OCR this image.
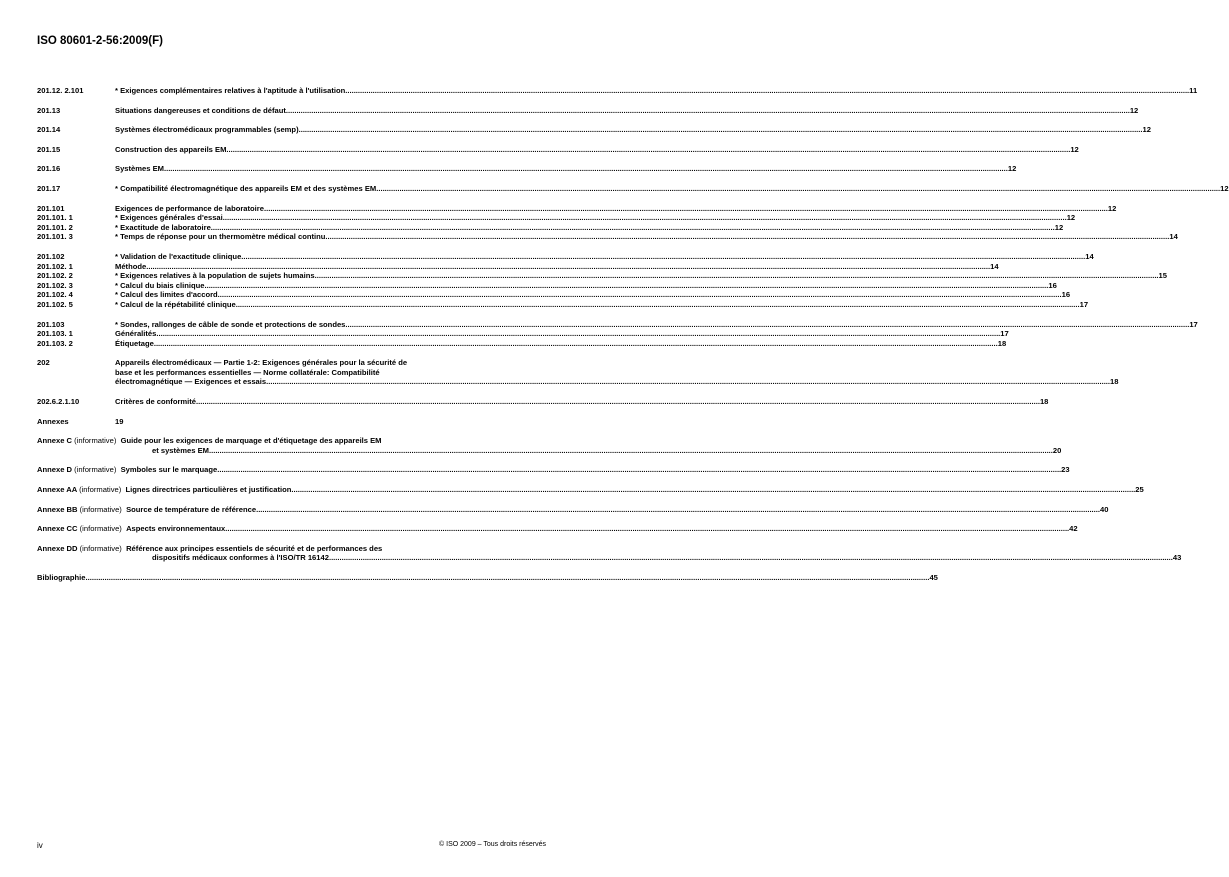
ISO 80601-2-56:2009(F)
201.12. 2.101	* Exigences complémentaires relatives à l'aptitude à l'utilisation ................................................................................................................................................................................................................................................................................................................................................................................................................ 11
201.13	Situations dangereuses et conditions de défaut ................................................................................................................................................................................................................................................................................................................................................................................................................ 12
201.14	Systèmes électromédicaux programmables (semp) ................................................................................................................................................................................................................................................................................................................................................................................................................ 12
201.15	Construction des appareils EM ................................................................................................................................................................................................................................................................................................................................................................................................................ 12
201.16	Systèmes EM ................................................................................................................................................................................................................................................................................................................................................................................................................ 12
201.17	* Compatibilité électromagnétique des appareils EM et des systèmes EM ................................................................................................................................................................................................................................................................................................................................................................................................................ 12
201.101	Exigences de performance de laboratoire ................................................................................................................................................................................................................................................................................................................................................................................................................ 12
201.101. 1	* Exigences générales d'essai ................................................................................................................................................................................................................................................................................................................................................................................................................ 12
201.101. 2	* Exactitude de laboratoire ................................................................................................................................................................................................................................................................................................................................................................................................................ 12
201.101. 3	* Temps de réponse pour un thermomètre médical continu ................................................................................................................................................................................................................................................................................................................................................................................................................ 14
201.102	* Validation de l'exactitude clinique ................................................................................................................................................................................................................................................................................................................................................................................................................ 14
201.102. 1	Méthode ................................................................................................................................................................................................................................................................................................................................................................................................................ 14
201.102. 2	* Exigences relatives à la population de sujets humains ................................................................................................................................................................................................................................................................................................................................................................................................................ 15
201.102. 3	* Calcul du biais clinique ................................................................................................................................................................................................................................................................................................................................................................................................................ 16
201.102. 4	* Calcul des limites d'accord ................................................................................................................................................................................................................................................................................................................................................................................................................ 16
201.102. 5	* Calcul de la répétabilité clinique ................................................................................................................................................................................................................................................................................................................................................................................................................ 17
201.103	* Sondes, rallonges de câble de sonde et protections de sondes ................................................................................................................................................................................................................................................................................................................................................................................................................ 17
201.103. 1	Généralités ................................................................................................................................................................................................................................................................................................................................................................................................................ 17
201.103. 2	Étiquetage ................................................................................................................................................................................................................................................................................................................................................................................................................ 18
202	Appareils électromédicaux — Partie 1-2: Exigences générales pour la sécurité de
base et les performances essentielles — Norme collatérale: Compatibilité
électromagnétique — Exigences et essais ................................................................................................................................................................................................................................................................................................................................................................................................................ 18
202.6.2.1.10	Critères de conformité ................................................................................................................................................................................................................................................................................................................................................................................................................ 18
Annexes	19
Annexe C (informative) Guide pour les exigences de marquage et d'étiquetage des appareils EM
et systèmes EM ................................................................................................................................................................................................................................................................................................................................................................................................................ 20
Annexe D (informative) Symboles sur le marquage ................................................................................................................................................................................................................................................................................................................................................................................................................ 23
Annexe AA (informative) Lignes directrices particulières et justification ................................................................................................................................................................................................................................................................................................................................................................................................................ 25
Annexe BB (informative) Source de température de référence ................................................................................................................................................................................................................................................................................................................................................................................................................ 40
Annexe CC (informative) Aspects environnementaux ................................................................................................................................................................................................................................................................................................................................................................................................................ 42
Annexe DD (informative) Référence aux principes essentiels de sécurité et de performances des
dispositifs médicaux conformes à l'ISO/TR 16142 ................................................................................................................................................................................................................................................................................................................................................................................................................ 43
Bibliographie ................................................................................................................................................................................................................................................................................................................................................................................................................ 45
iv	© ISO 2009 – Tous droits réservés
